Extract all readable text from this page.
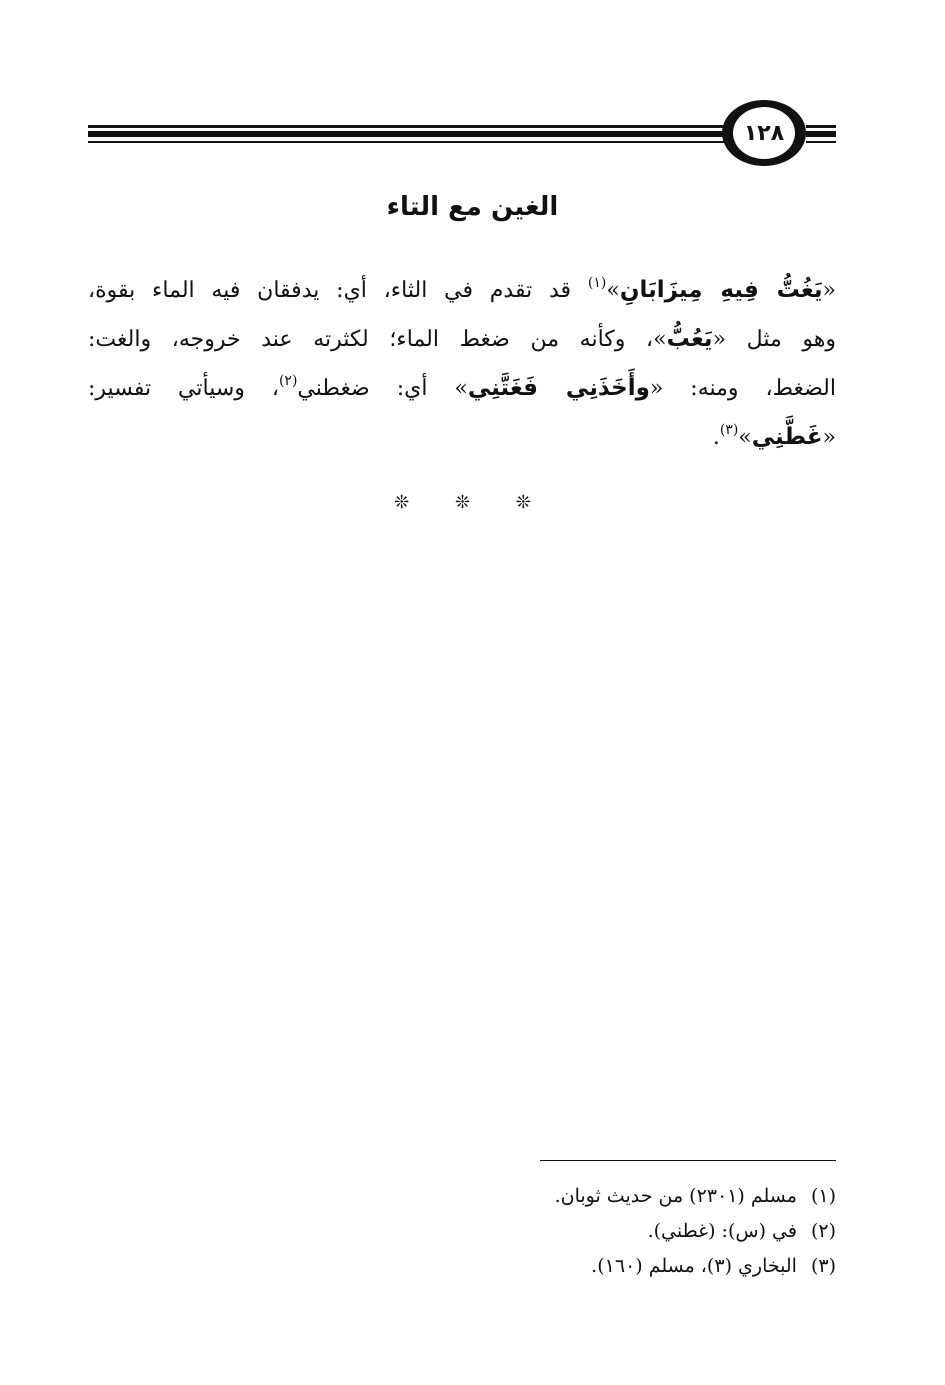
١٢٨
الغين مع التاء
«يَغُتُّ فِيهِ مِيزَابَانِ»$^{(١)}$ قد تقدم في الثاء، أي: يدفقان فيه الماء بقوة،
وهو مثل «يَعُبُّ»، وكأنه من ضغط الماء؛ لكثرته عند خروجه، والغت:
الضغط، ومنه: «وأَخَذَنِي فَغَتَّنِي» أي: ضغطني$^{(٢)}$، وسيأتي تفسير:
«غَطَّنِي»$^{(٣)}$.
❊ ❊ ❊
(١)مسلم (٢٣٠١) من حديث ثوبان.
(٢)في (س): (غطني).
(٣)البخاري (٣)، مسلم (١٦٠).
